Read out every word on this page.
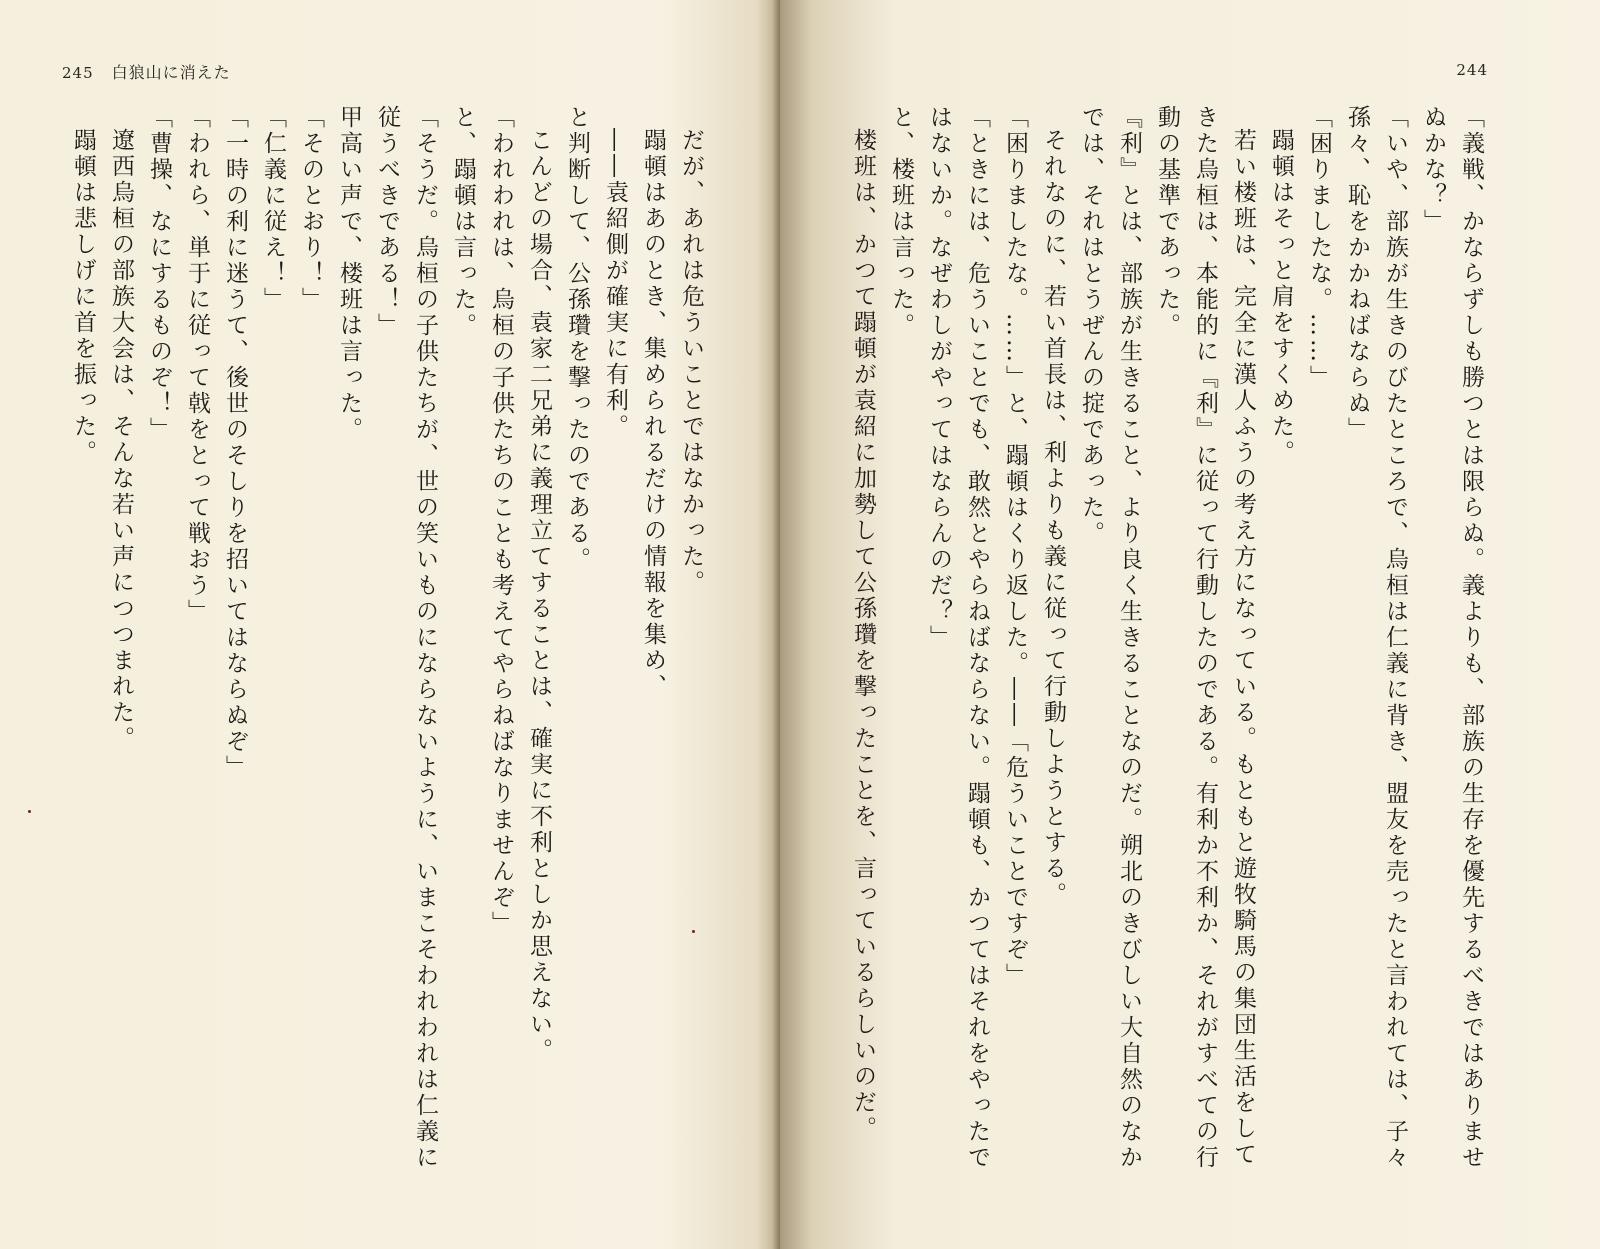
245 白狼山に消えた

だが、あれは危ういことではなかった。

蹋頓はあのとき、集められるだけの情報を集め、

――袁紹側が確実に有利。

と判断して、公孫瓚を撃ったのである。

こんどの場合、袁家二兄弟に義理立てすることは、確実に不利としか思えない。

「われわれは、烏桓の子供たちのことも考えてやらねばなりませんぞ」

と、蹋頓は言った。

「そうだ。烏桓の子供たちが、世の笑いものにならないように、いまこそわれわれは仁義に従うべきである！」

甲高い声で、楼班は言った。

「そのとおり！」

「仁義に従え！」

「一時の利に迷うて、後世のそしりを招いてはならぬぞ」

「われら、単于に従って戟をとって戦おう」

「曹操、なにするものぞ！」

遼西烏桓の部族大会は、そんな若い声につつまれた。

蹋頓は悲しげに首を振った。

244

「義戦、かならずしも勝つとは限らぬ。義よりも、部族の生存を優先するべきではありませぬかな？」

「いや、部族が生きのびたところで、烏桓は仁義に背き、盟友を売ったと言われては、子々孫々、恥をかかねばならぬ」

「困りましたな。……」

蹋頓はそっと肩をすくめた。

若い楼班は、完全に漢人ふうの考え方になっている。もともと遊牧騎馬の集団生活をしてきた烏桓は、本能的に『利』に従って行動したのである。有利か不利か、それがすべての行動の基準であった。

『利』とは、部族が生きること、より良く生きることなのだ。朔北のきびしい大自然のなかでは、それはとうぜんの掟であった。

それなのに、若い首長は、利よりも義に従って行動しようとする。

「困りましたな。……」と、蹋頓はくり返した。――「危ういことですぞ」

「ときには、危ういことでも、敢然とやらねばならない。蹋頓も、かつてはそれをやったではないか。なぜわしがやってはならんのだ？」

と、楼班は言った。

楼班は、かつて蹋頓が袁紹に加勢して公孫瓚を撃ったことを、言っているらしいのだ。
